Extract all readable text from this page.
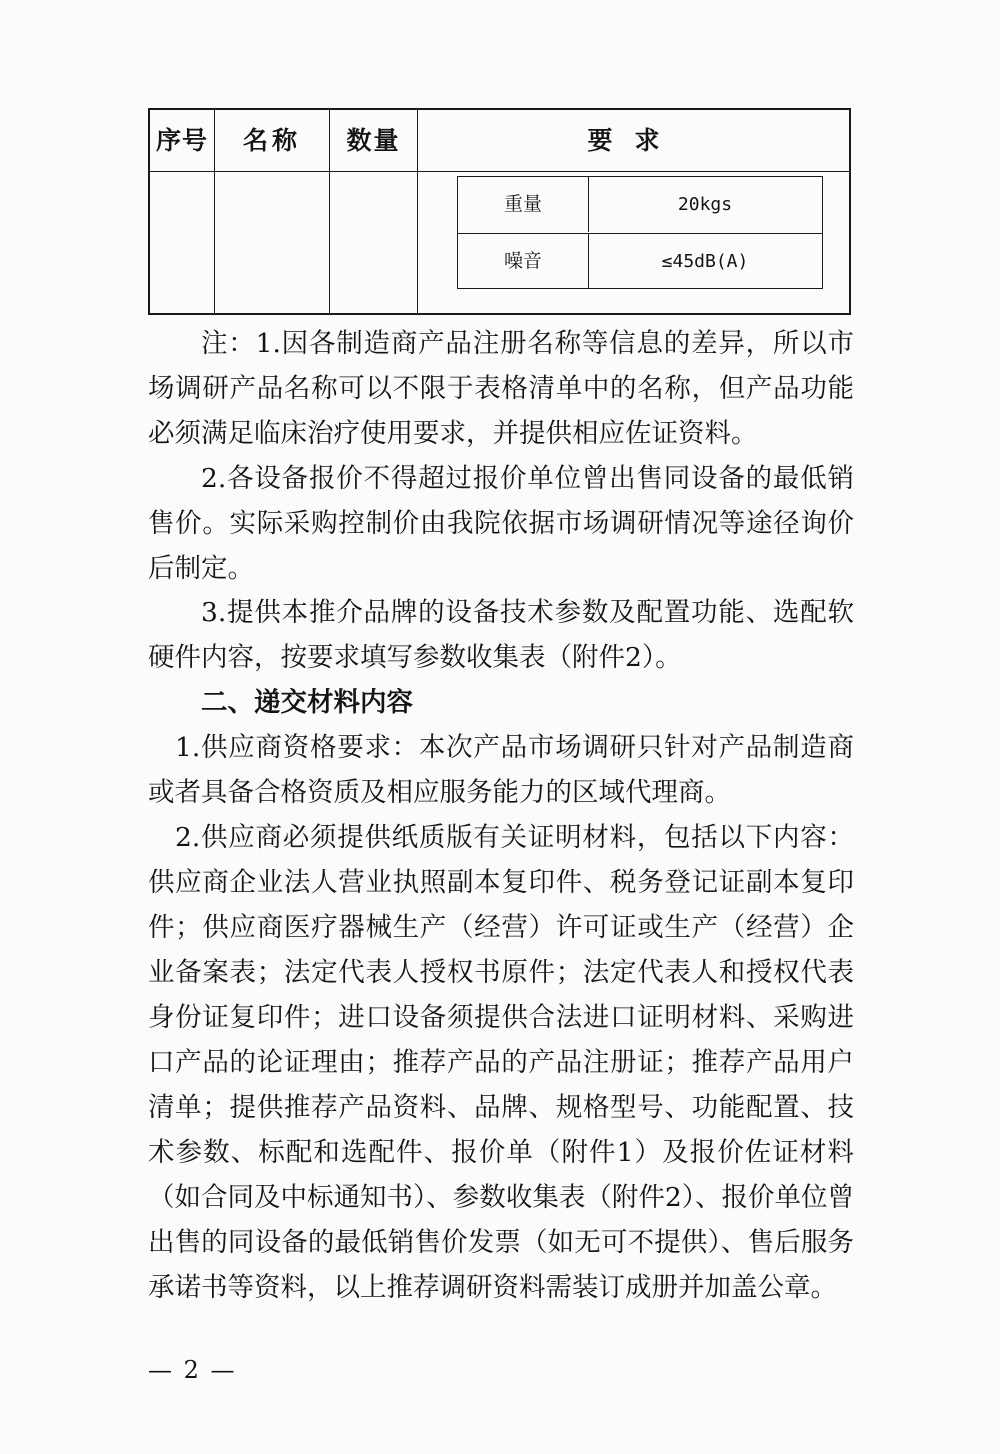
序号	名称	数量	要求
重量	20kgs
噪音	≤45dB(A)
注：1.因各制造商产品注册名称等信息的差异，所以市场调研产品名称可以不限于表格清单中的名称，但产品功能必须满足临床治疗使用要求，并提供相应佐证资料。
2.各设备报价不得超过报价单位曾出售同设备的最低销售价。实际采购控制价由我院依据市场调研情况等途径询价后制定。
3.提供本推介品牌的设备技术参数及配置功能、选配软硬件内容，按要求填写参数收集表（附件2）。
二、递交材料内容
1.供应商资格要求：本次产品市场调研只针对产品制造商或者具备合格资质及相应服务能力的区域代理商。
2.供应商必须提供纸质版有关证明材料，包括以下内容：供应商企业法人营业执照副本复印件、税务登记证副本复印件；供应商医疗器械生产（经营）许可证或生产（经营）企业备案表；法定代表人授权书原件；法定代表人和授权代表身份证复印件；进口设备须提供合法进口证明材料、采购进口产品的论证理由；推荐产品的产品注册证；推荐产品用户清单；提供推荐产品资料、品牌、规格型号、功能配置、技术参数、标配和选配件、报价单（附件1）及报价佐证材料（如合同及中标通知书）、参数收集表（附件2）、报价单位曾出售的同设备的最低销售价发票（如无可不提供）、售后服务承诺书等资料，以上推荐调研资料需装订成册并加盖公章。
— 2 —
